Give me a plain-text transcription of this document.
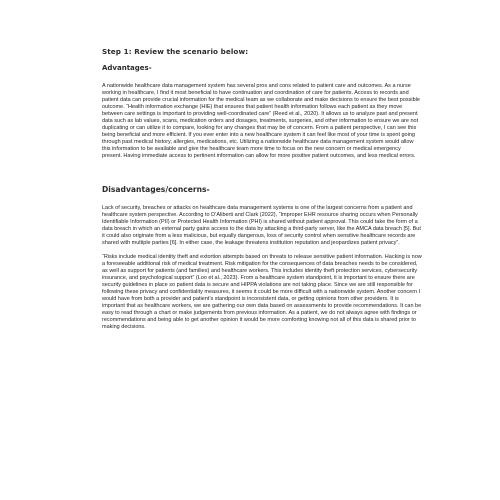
Step 1: Review the scenario below:
Advantages-

A nationwide healthcare data management system has several pros and cons related to patient care and outcomes. As a nurse working in healthcare, I find it most beneficial to have continuation and coordination of care for patients. Access to records and patient data can provide crucial information for the medical team as we collaborate and make decisions to ensure the best possible outcome. “Health information exchange (HIE) that ensures that patient health information follows each patient as they move between care settings is important to providing well-coordinated care” (Reed et al., 2020). It allows us to analyze past and present data such as lab values, scans, medication orders and dosages, treatments, surgeries, and other information to ensure we are not duplicating or can utilize it to compare, looking for any changes that may be of concern. From a patient perspective, I can see this being beneficial and more efficient. If you ever enter into a new healthcare system it can feel like most of your time is spent going through past medical history, allergies, medications, etc. Utilizing a nationwide healthcare data management system would allow this information to be available and give the healthcare team more time to focus on the new concern or medical emergency present. Having immediate access to pertinent information can allow for more positive patient outcomes, and less medical errors.

Disadvantages/concerns-

Lack of security, breaches or attacks on healthcare data management systems is one of the largest concerns from a patient and healthcare system perspective. According to D’Aliberti and Clark (2022), “Improper EHR resource sharing occurs when Personally Identifiable Information (PII) or Protected Health Information (PHI) is shared without patient approval. This could take the form of a data breach in which an external party gains access to the data by attacking a third-party server, like the AMCA data breach [5]. But it could also originate from a less malicious, but equally dangerous, loss of security control when sensitive healthcare records are shared with multiple parties [6]. In either case, the leakage threatens institution reputation and jeopardizes patient privacy”.

“Risks include medical identity theft and extortion attempts based on threats to release sensitive patient information. Hacking is now a foreseeable additional risk of medical treatment. Risk mitigation for the consequences of data breaches needs to be considered, as well as support for patients (and families) and healthcare workers. This includes identity theft protection services, cybersecurity insurance, and psychological support” (Loo et al., 2023). From a healthcare system standpoint, it is important to ensure there are security guidelines in place so patient data is secure and HIPPA violations are not taking place. Since we are still responsible for following these privacy and confidentiality measures, it seems it could be more difficult with a nationwide system. Another concern I would have from both a provider and patient’s standpoint is inconsistent data, or getting opinions from other providers. It is important that as healthcare workers, we are gathering our own data based on assessments to provide recommendations. It can be easy to read through a chart or make judgements from previous information. As a patient, we do not always agree with findings or recommendations and being able to get another opinion it would be more comforting knowing not all of this data is shared prior to making decisions.
